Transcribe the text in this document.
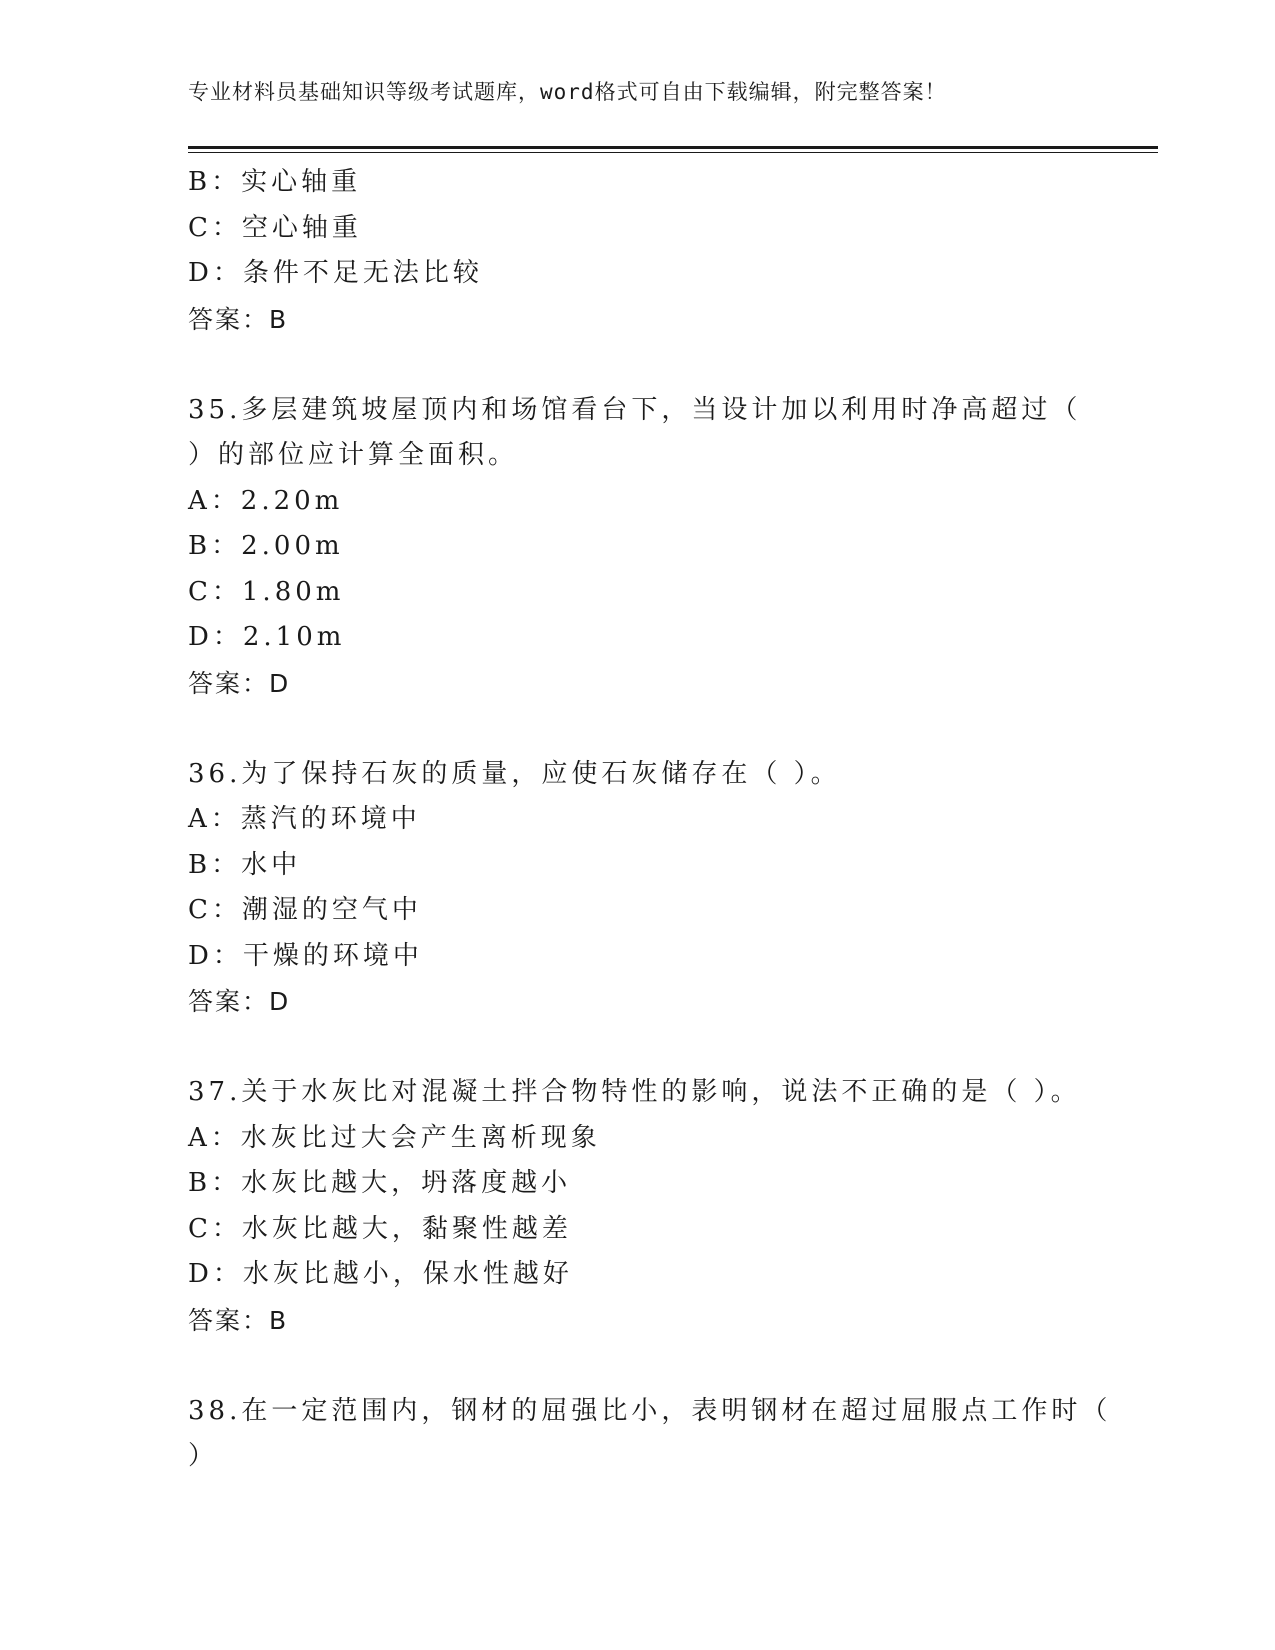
专业材料员基础知识等级考试题库，word格式可自由下载编辑，附完整答案！
B：实心轴重
C：空心轴重
D：条件不足无法比较
答案：B
35.多层建筑坡屋顶内和场馆看台下，当设计加以利用时净高超过（
）的部位应计算全面积。
A：2.20m
B：2.00m
C：1.80m
D：2.10m
答案：D
36.为了保持石灰的质量，应使石灰储存在（ ）。
A：蒸汽的环境中
B：水中
C：潮湿的空气中
D：干燥的环境中
答案：D
37.关于水灰比对混凝土拌合物特性的影响，说法不正确的是（ ）。
A：水灰比过大会产生离析现象
B：水灰比越大，坍落度越小
C：水灰比越大，黏聚性越差
D：水灰比越小，保水性越好
答案：B
38.在一定范围内，钢材的屈强比小，表明钢材在超过屈服点工作时（
）
